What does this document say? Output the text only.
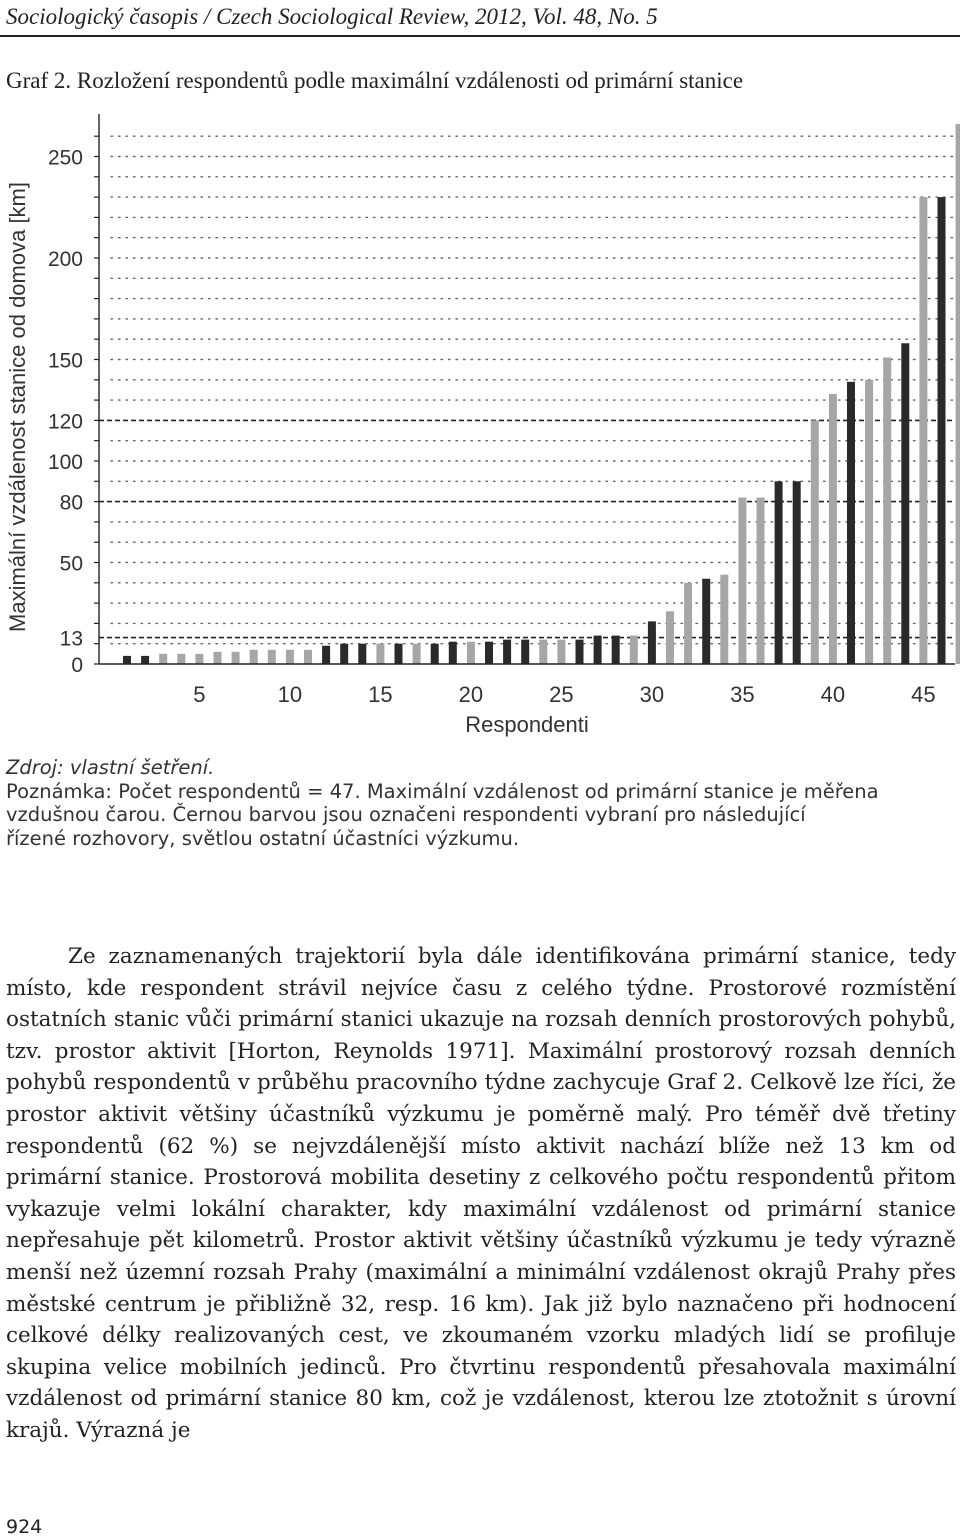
Sociologický časopis / Czech Sociological Review, 2012, Vol. 48, No. 5
Graf 2. Rozložení respondentů podle maximální vzdálenosti od primární stanice
0
13
50
80
100
120
150
200
250
5	10	15	20	25	30	35	40	45
Maximální vzdálenost stanice od domova [km]
Respondenti

Zdroj: vlastní šetření.

Poznámka: Počet respondentů = 47. Maximální vzdálenost od primární stanice je měřena

vzdušnou čarou. Černou barvou jsou označeni respondenti vybraní pro následující

řízené rozhovory, světlou ostatní účastníci výzkumu.

Ze zaznamenaných trajektorií byla dále identifikována primární stanice, tedy místo, kde respondent strávil nejvíce času z celého týdne. Prostorové rozmístění ostatních stanic vůči primární stanici ukazuje na rozsah denních prostorových pohybů, tzv. prostor aktivit [Horton, Reynolds 1971]. Maximální prostorový rozsah denních pohybů respondentů v průběhu pracovního týdne zachycuje Graf 2. Celkově lze říci, že prostor aktivit většiny účastníků výzkumu je poměrně malý. Pro téměř dvě třetiny respondentů (62 %) se nejvzdálenější místo aktivit nachází blíže než 13 km od primární stanice. Prostorová mobilita desetiny z celkového počtu respondentů přitom vykazuje velmi lokální charakter, kdy maximální vzdálenost od primární stanice nepřesahuje pět kilometrů. Prostor aktivit většiny účastníků výzkumu je tedy výrazně menší než územní rozsah Prahy (maximální a minimální vzdálenost okrajů Prahy přes městské centrum je přibližně 32, resp. 16 km). Jak již bylo naznačeno při hodnocení celkové délky realizovaných cest, ve zkoumaném vzorku mladých lidí se profiluje skupina velice mobilních jedinců. Pro čtvrtinu respondentů přesahovala maximální vzdálenost od primární stanice 80 km, což je vzdálenost, kterou lze ztotožnit s úrovní krajů. Výrazná je

924
